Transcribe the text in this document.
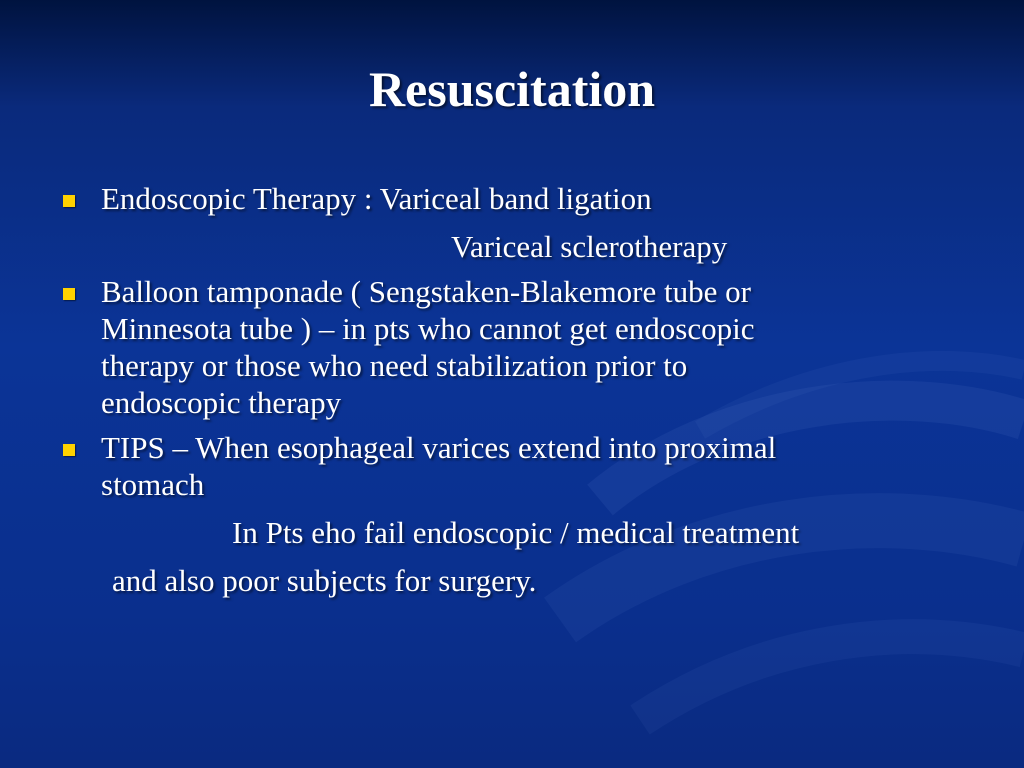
Resuscitation
Endoscopic Therapy : Variceal band ligation
Variceal sclerotherapy
Balloon tamponade ( Sengstaken-Blakemore tube or
Minnesota tube ) – in pts who cannot get endoscopic
therapy or those who need stabilization prior to
endoscopic therapy
TIPS – When esophageal varices extend into proximal
stomach
In Pts eho fail endoscopic / medical treatment
and also poor subjects for surgery.
